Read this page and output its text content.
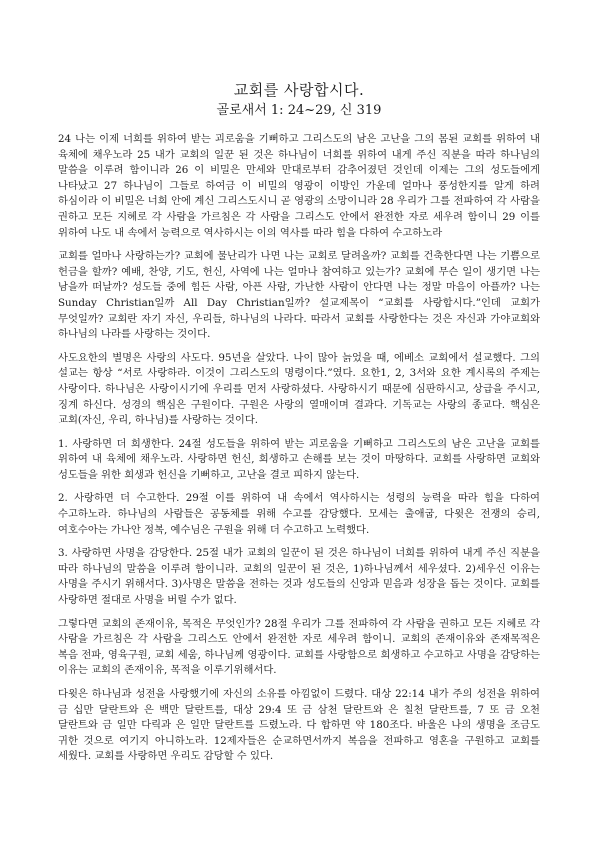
교회를 사랑합시다.
골로새서 1: 24~29, 신 319

24 나는 이제 너희를 위하여 받는 괴로움을 기뻐하고 그리스도의 남은 고난을 그의 몸된 교회를 위하여 내 육체에 채우노라 25 내가 교회의 일꾼 된 것은 하나님이 너희를 위하여 내게 주신 직분을 따라 하나님의 말씀을 이루려 함이니라 26 이 비밀은 만세와 만대로부터 감추어졌던 것인데 이제는 그의 성도들에게 나타났고 27 하나님이 그들로 하여금 이 비밀의 영광이 이방인 가운데 얼마나 풍성한지를 알게 하려 하심이라 이 비밀은 너희 안에 계신 그리스도시니 곧 영광의 소망이니라 28 우리가 그를 전파하여 각 사람을 권하고 모든 지혜로 각 사람을 가르침은 각 사람을 그리스도 안에서 완전한 자로 세우려 함이니 29 이를 위하여 나도 내 속에서 능력으로 역사하시는 이의 역사를 따라 힘을 다하여 수고하노라

교회를 얼마나 사랑하는가? 교회에 물난리가 나면 나는 교회로 달려올까? 교회를 건축한다면 나는 기쁨으로 헌금을 할까? 예배, 찬양, 기도, 헌신, 사역에 나는 얼마나 참여하고 있는가? 교회에 무슨 일이 생기면 나는 남을까 떠날까? 성도들 중에 힘든 사람, 아픈 사람, 가난한 사람이 안다면 나는 정말 마음이 아플까? 나는 Sunday Christian일까 All Day Christian일까? 설교제목이 “교회를 사랑합시다.”인데 교회가 무엇일까? 교회란 자기 자신, 우리들, 하나님의 나라다. 따라서 교회를 사랑한다는 것은 자신과 가야교회와 하나님의 나라를 사랑하는 것이다.

사도요한의 별명은 사랑의 사도다. 95년을 살았다. 나이 많아 늙었을 때, 에베소 교회에서 설교했다. 그의 설교는 항상 “서로 사랑하라. 이것이 그리스도의 명령이다.”였다. 요한1, 2, 3서와 요한 계시록의 주제는 사랑이다. 하나님은 사랑이시기에 우리를 먼저 사랑하셨다. 사랑하시기 때문에 심판하시고, 상급을 주시고, 징계 하신다. 성경의 핵심은 구원이다. 구원은 사랑의 열매이며 결과다. 기독교는 사랑의 종교다. 핵심은 교회(자신, 우리, 하나님)를 사랑하는 것이다.

1. 사랑하면 더 희생한다. 24절 성도들을 위하여 받는 괴로움을 기뻐하고 그리스도의 남은 고난을 교회를 위하여 내 육체에 채우노라. 사랑하면 헌신, 희생하고 손해를 보는 것이 마땅하다. 교회를 사랑하면 교회와 성도들을 위한 희생과 헌신을 기뻐하고, 고난을 결코 피하지 않는다.

2. 사랑하면 더 수고한다. 29절 이를 위하여 내 속에서 역사하시는 성령의 능력을 따라 힘을 다하여 수고하노라. 하나님의 사람들은 공동체를 위해 수고를 감당했다. 모세는 출애굽, 다윗은 전쟁의 승리, 여호수아는 가나안 정복, 예수님은 구원을 위해 더 수고하고 노력했다.

3. 사랑하면 사명을 감당한다. 25절 내가 교회의 일꾼이 된 것은 하나님이 너희를 위하여 내게 주신 직분을 따라 하나님의 말씀을 이루려 함이니라. 교회의 일꾼이 된 것은, 1)하나님께서 세우셨다. 2)세우신 이유는 사명을 주시기 위해서다. 3)사명은 말씀을 전하는 것과 성도들의 신앙과 믿음과 성장을 돕는 것이다. 교회를 사랑하면 절대로 사명을 버릴 수가 없다.

그렇다면 교회의 존재이유, 목적은 무엇인가? 28절 우리가 그를 전파하여 각 사람을 권하고 모든 지혜로 각 사람을 가르침은 각 사람을 그리스도 안에서 완전한 자로 세우려 함이니. 교회의 존재이유와 존재목적은 복음 전파, 영육구원, 교회 세움, 하나님께 영광이다. 교회를 사랑함으로 희생하고 수고하고 사명을 감당하는 이유는 교회의 존재이유, 목적을 이루기위해서다.

다윗은 하나님과 성전을 사랑했기에 자신의 소유를 아낌없이 드렸다. 대상 22:14 내가 주의 성전을 위하여 금 십만 달란트와 은 백만 달란트를, 대상 29:4 또 금 삼천 달란트와 은 칠천 달란트를, 7 또 금 오천 달란트와 금 일만 다릭과 은 일만 달란트를 드렸노라. 다 합하면 약 180조다. 바울은 나의 생명을 조금도 귀한 것으로 여기지 아니하노라. 12제자들은 순교하면서까지 복음을 전파하고 영혼을 구원하고 교회를 세웠다. 교회를 사랑하면 우리도 감당할 수 있다.
